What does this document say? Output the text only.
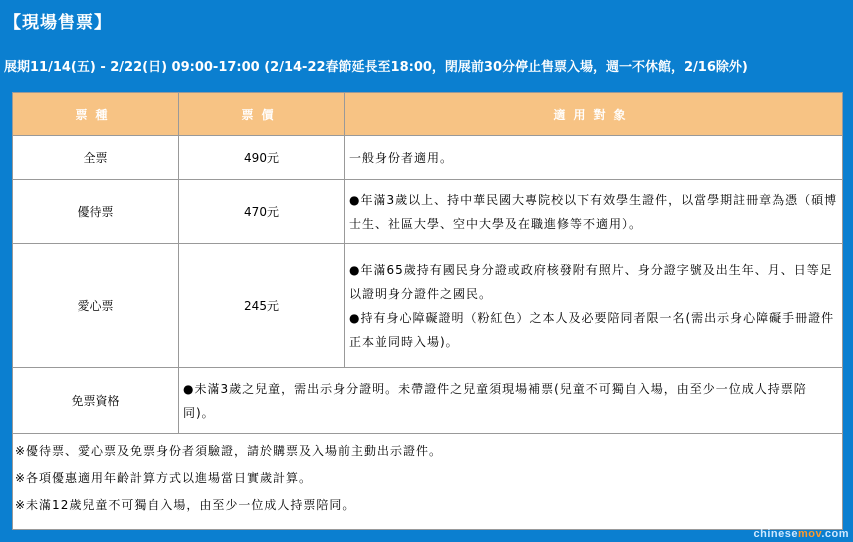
【現場售票】
展期11/14(五) - 2/22(日) 09:00-17:00 (2/14-22春節延長至18:00，閉展前30分停止售票入場，週一不休館，2/16除外)
票種	票價	適用對象
全票	490元	一般身份者適用。
優待票	470元	●年滿3歲以上、持中華民國大專院校以下有效學生證件，以當學期註冊章為憑（碩博士生、社區大學、空中大學及在職進修等不適用）。
愛心票	245元	●年滿65歲持有國民身分證或政府核發附有照片、身分證字號及出生年、月、日等足以證明身分證件之國民。
●持有身心障礙證明（粉紅色）之本人及必要陪同者限一名(需出示身心障礙手冊證件正本並同時入場)。

免票資格	●未滿3歲之兒童，需出示身分證明。未帶證件之兒童須現場補票(兒童不可獨自入場，由至少一位成人持票陪同)。	

※優待票、愛心票及免票身份者須驗證，請於購票及入場前主動出示證件。
※各項優惠適用年齡計算方式以進場當日實歲計算。
※未滿12歲兒童不可獨自入場，由至少一位成人持票陪同。		
chinesemov.com
